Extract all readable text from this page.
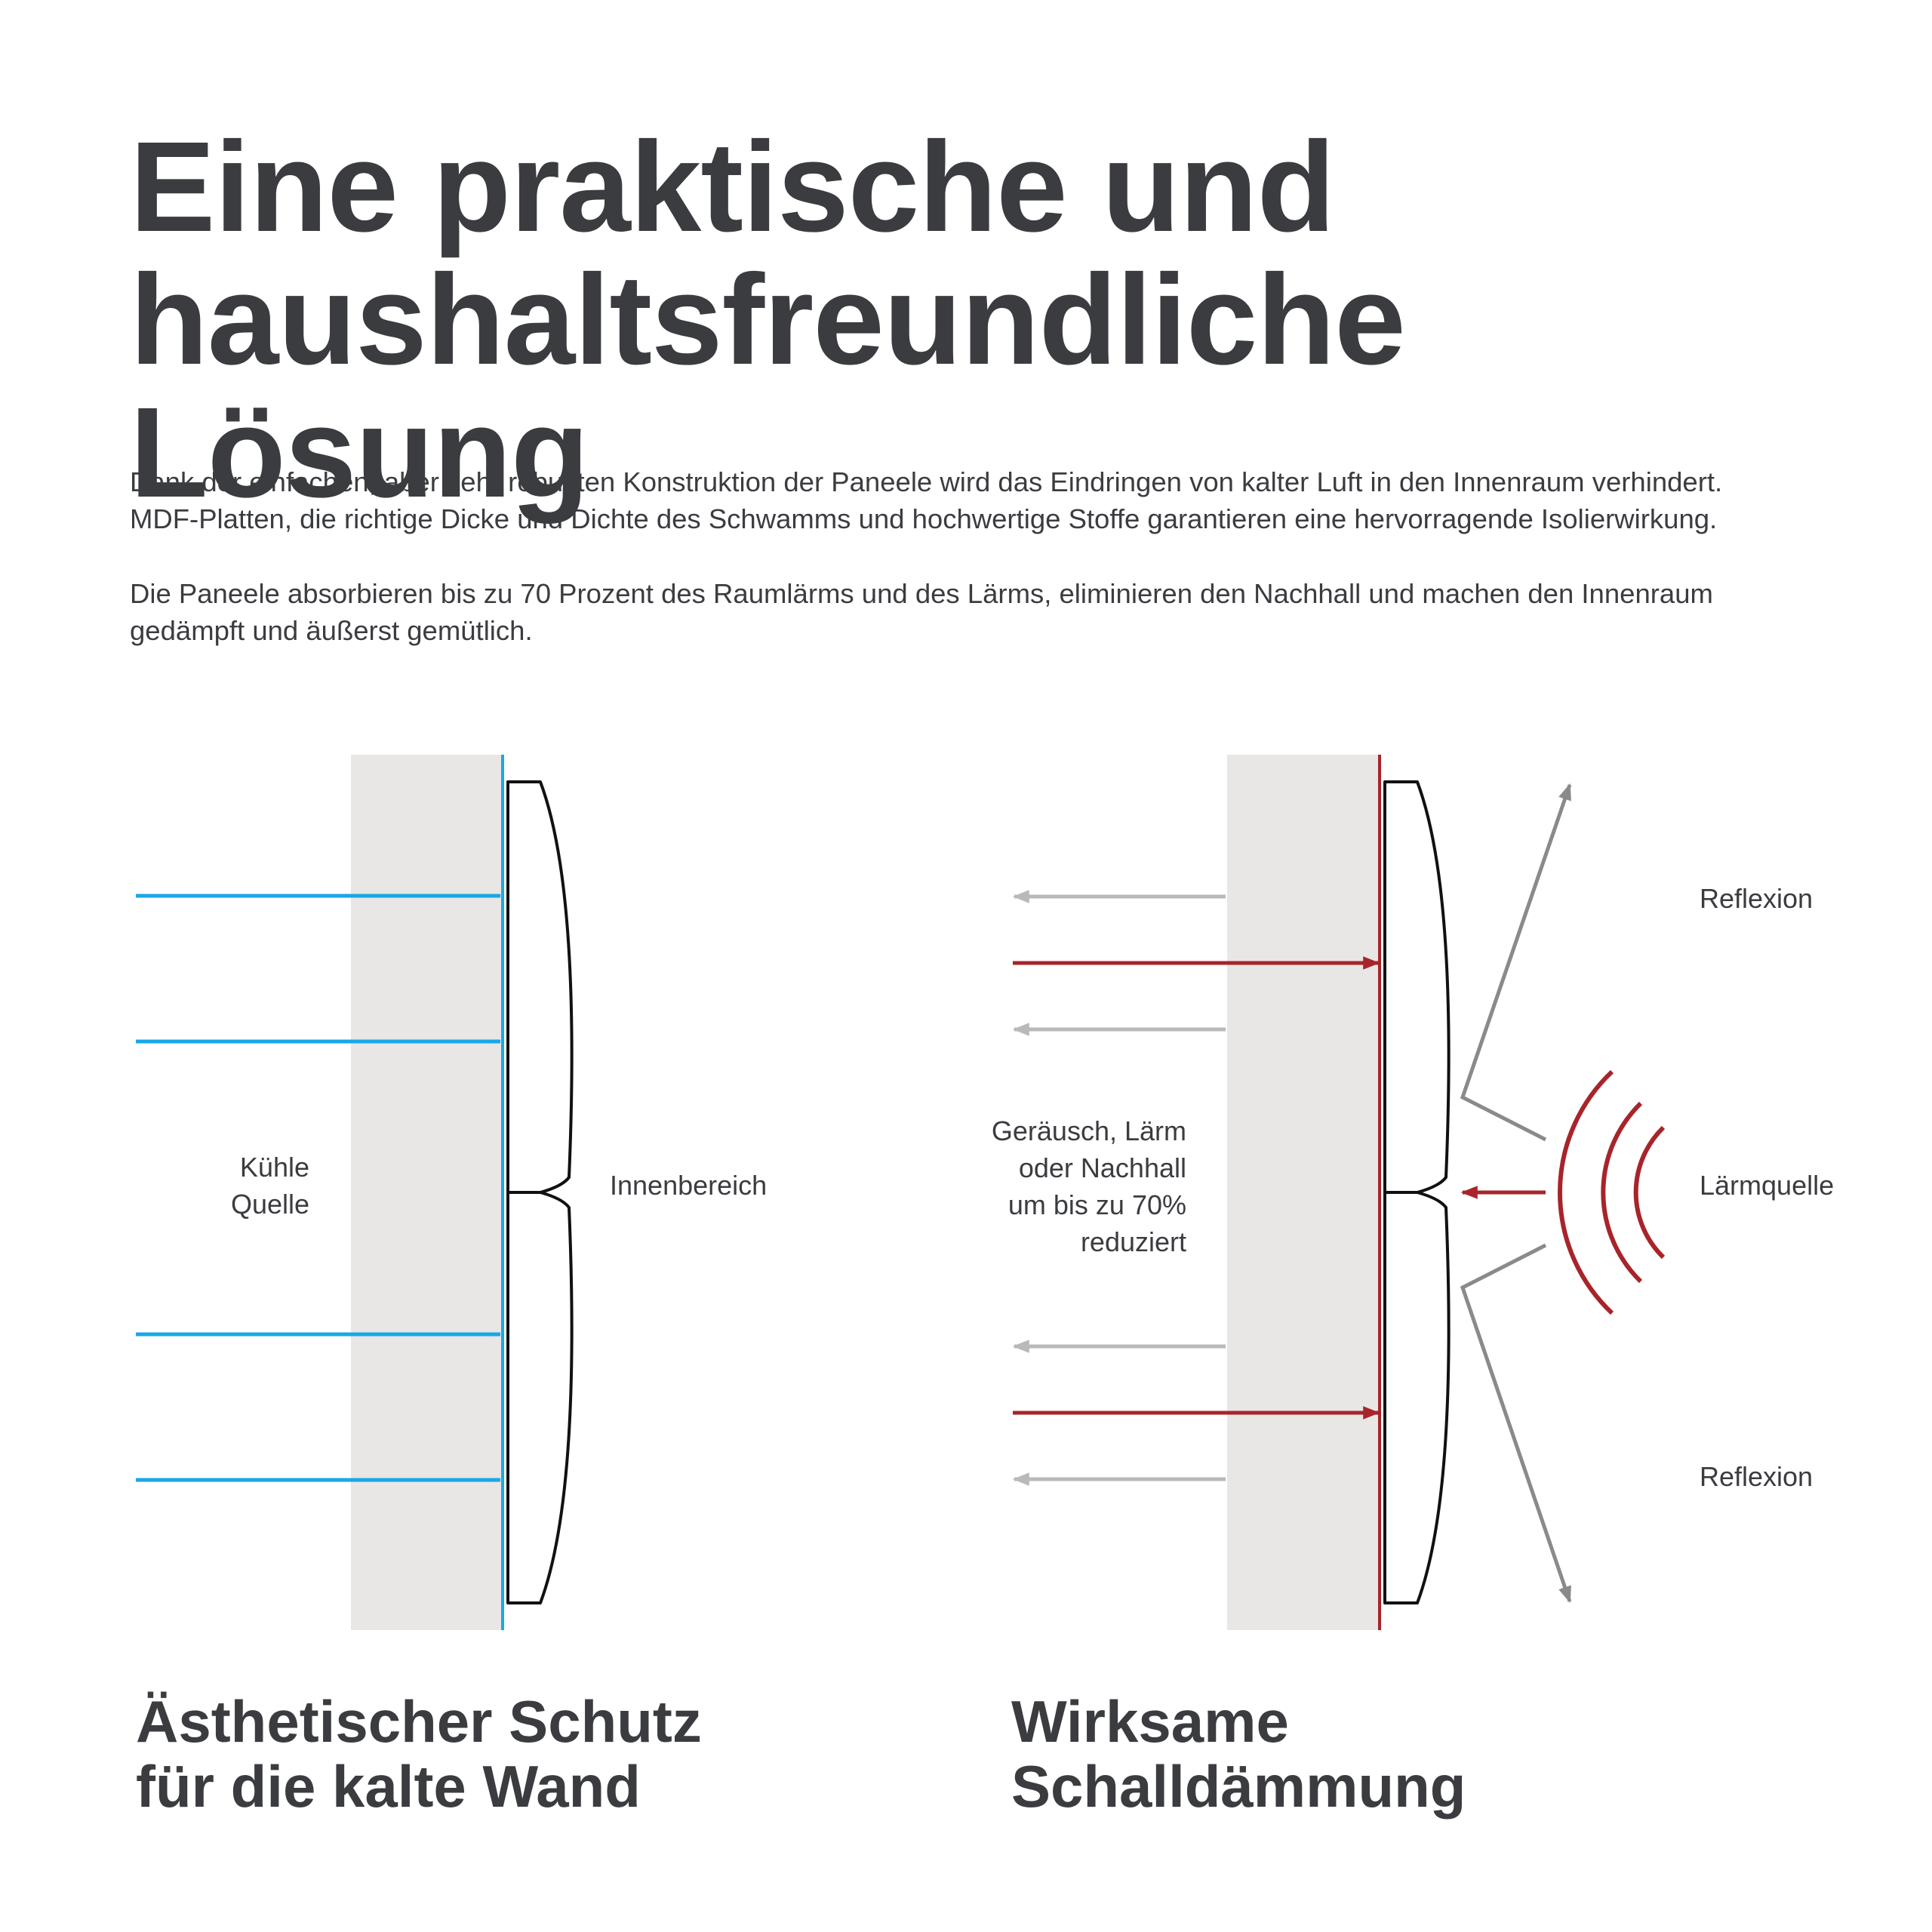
Eine praktische und
haushaltsfreundliche Lösung
Dank der einfachen, aber sehr robusten Konstruktion der Paneele wird das Eindringen von kalter Luft in den Innenraum verhindert.
MDF-Platten, die richtige Dicke und Dichte des Schwamms und hochwertige Stoffe garantieren eine hervorragende Isolierwirkung.
Die Paneele absorbieren bis zu 70 Prozent des Raumlärms und des Lärms, eliminieren den Nachhall und machen den Innenraum
gedämpft und äußerst gemütlich.
Kühle
Quelle
Innenbereich
Geräusch, Lärm
oder Nachhall
um bis zu 70%
reduziert
Reflexion
Lärmquelle
Reflexion
Ästhetischer Schutz
für die kalte Wand
Wirksame
Schalldämmung
